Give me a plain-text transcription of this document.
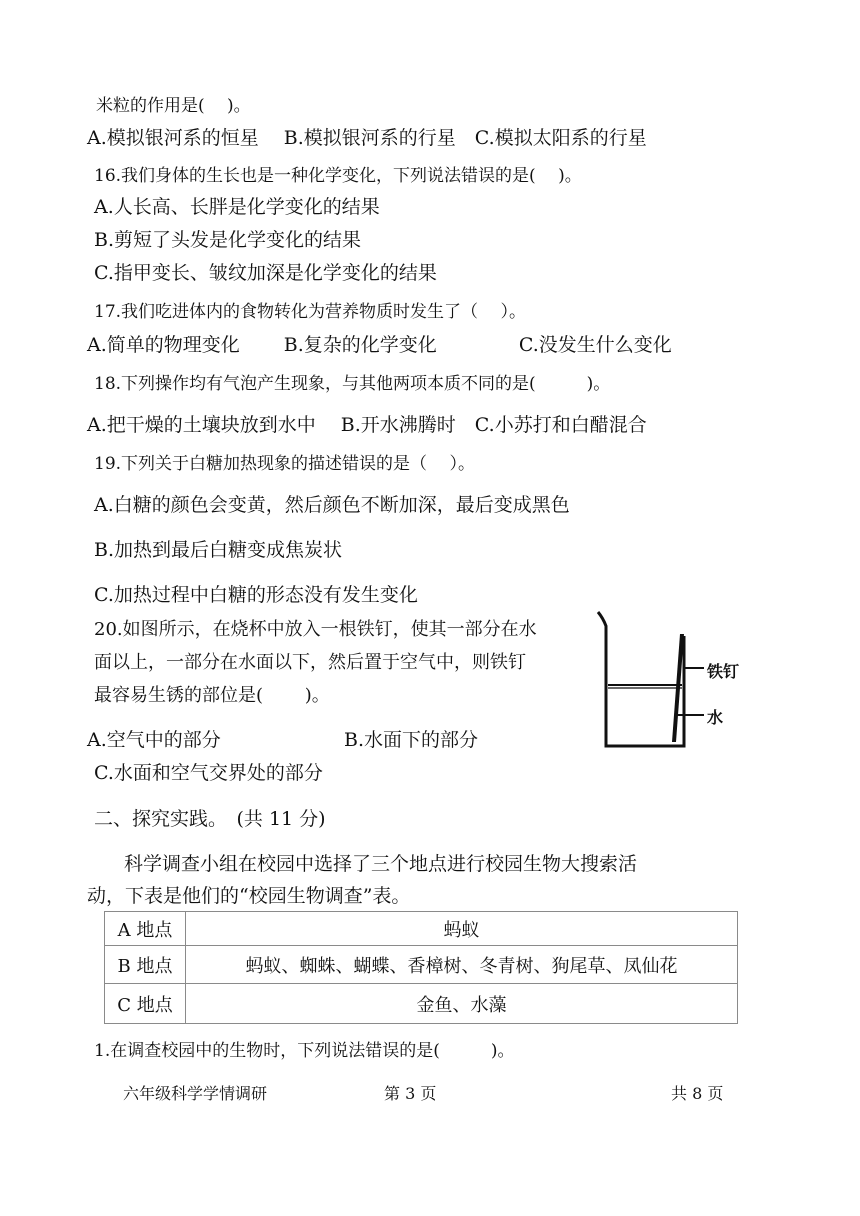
米粒的作用是(　 )。
A.模拟银河系的恒星　 B.模拟银河系的行星　C.模拟太阳系的行星
16.我们身体的生长也是一种化学变化，下列说法错误的是(　 )。
A.人长高、长胖是化学变化的结果
B.剪短了头发是化学变化的结果
C.指甲变长、皱纹加深是化学变化的结果
17.我们吃进体内的食物转化为营养物质时发生了（　 ）。
A.简单的物理变化　　 B.复杂的化学变化　　　　 C.没发生什么变化
18.下列操作均有气泡产生现象，与其他两项本质不同的是(　　　)。
A.把干燥的土壤块放到水中　 B.开水沸腾时　C.小苏打和白醋混合
19.下列关于白糖加热现象的描述错误的是（　 ）。
A.白糖的颜色会变黄，然后颜色不断加深，最后变成黑色
B.加热到最后白糖变成焦炭状
C.加热过程中白糖的形态没有发生变化
20.如图所示，在烧杯中放入一根铁钉，使其一部分在水
面以上，一部分在水面以下，然后置于空气中，则铁钉
最容易生锈的部位是(　　 )。
铁钉
水
A.空气中的部分	B.水面下的部分
C.水面和空气交界处的部分
二、探究实践。　(共 11 分)
科学调查小组在校园中选择了三个地点进行校园生物大搜索活
动，下表是他们的“校园生物调查”表。
A 地点	蚂蚁
B 地点	蚂蚁、蜘蛛、蝴蝶、香樟树、冬青树、狗尾草、凤仙花
C 地点	金鱼、水藻
1.在调查校园中的生物时，下列说法错误的是(　　　)。
六年级科学学情调研	第 3 页	共 8 页
